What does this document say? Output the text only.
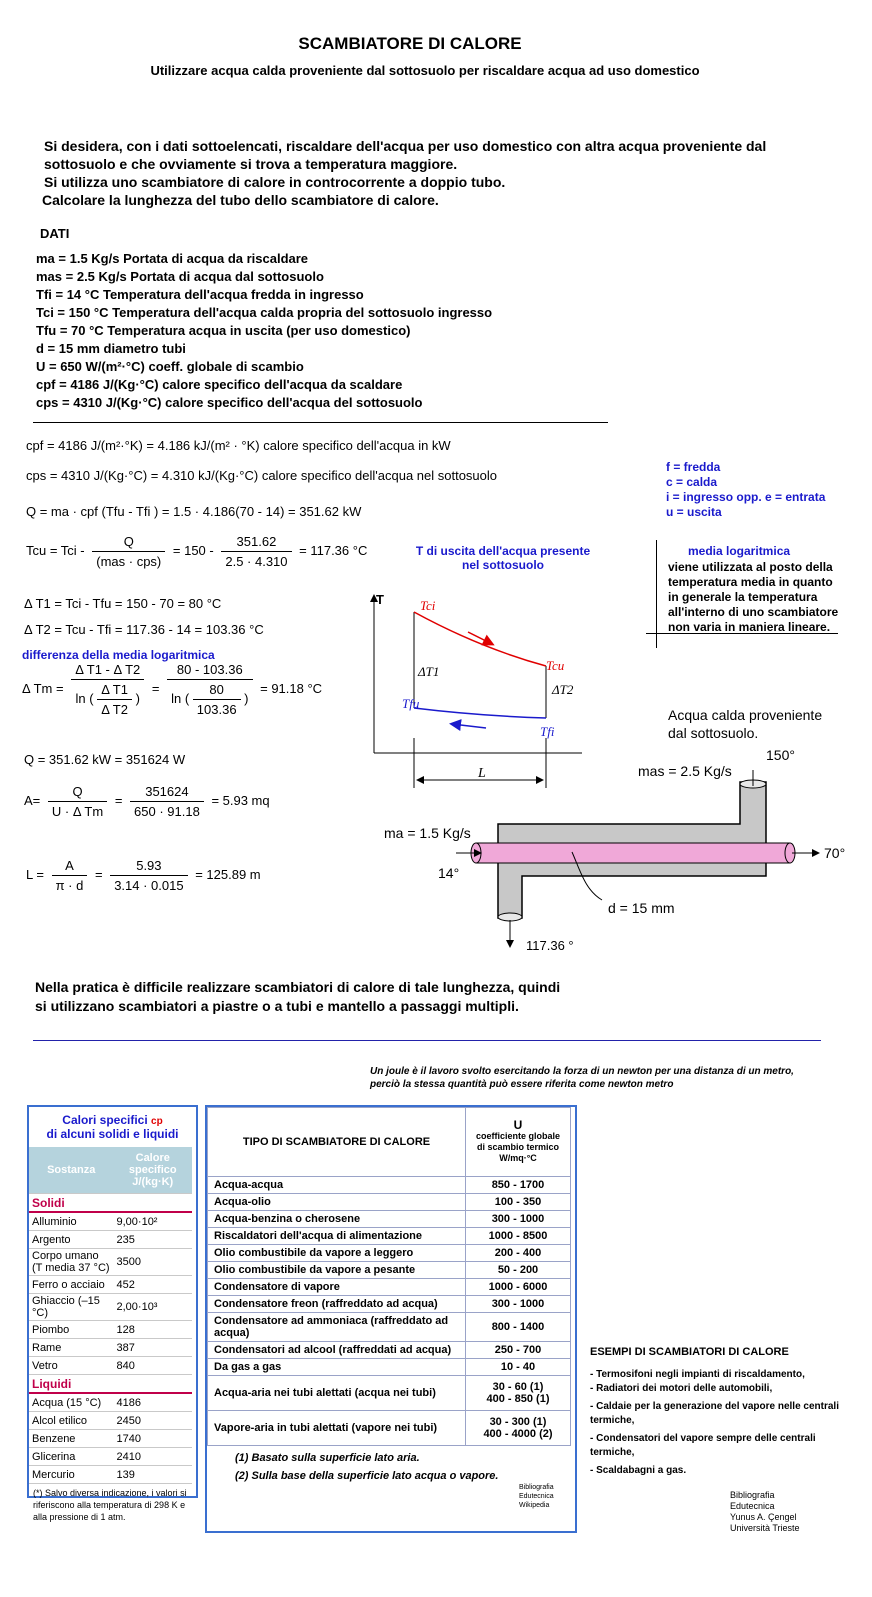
SCAMBIATORE DI CALORE
Utilizzare acqua calda proveniente dal sottosuolo per riscaldare acqua ad uso domestico
Si desidera, con i dati sottoelencati, riscaldare dell'acqua per uso domestico con altra acqua proveniente dal
sottosuolo e che ovviamente si trova a temperatura maggiore.
Si utilizza uno scambiatore di calore in controcorrente a doppio tubo.
Calcolare la lunghezza del tubo dello scambiatore di calore.
DATI
ma = 1.5 Kg/s Portata di acqua da riscaldare
mas = 2.5 Kg/s Portata di acqua dal sottosuolo
Tfi = 14 °C Temperatura dell'acqua fredda in ingresso
Tci = 150 °C Temperatura dell'acqua calda propria del sottosuolo ingresso
Tfu = 70 °C Temperatura acqua in uscita (per uso domestico)
d = 15 mm diametro tubi
U = 650 W/(m²·°C) coeff. globale di scambio
cpf = 4186 J/(Kg·°C) calore specifico dell'acqua da scaldare
cps = 4310 J/(Kg·°C) calore specifico dell'acqua del sottosuolo
cpf = 4186 J/(m²·°K) = 4.186 kJ/(m² · °K) calore specifico dell'acqua in kW
cps = 4310 J/(Kg·°C) = 4.310 kJ/(Kg·°C) calore specifico dell'acqua nel sottosuolo
Q = ma · cpf (Tfu - Tfi ) = 1.5 · 4.186(70 - 14) = 351.62 kW
Tcu = Tci - $\frac{Q}{\text{(mas · cps)}} = 150 - \frac{351.62}{2.5 \cdot 4.310} = 117.36$ °C	T di uscita dell'acqua presente nel sottosuolo
Δ T1 = Tci - Tfu = 150 - 70 = 80 °C
Δ T2 = Tcu - Tfi = 117.36 - 14 = 103.36 °C
differenza della media logaritmica
Δ $Tm = \frac{\text{Δ T1 - Δ T2}}{\ln ( \frac{\text{Δ T1}}{\text{Δ T2}} )} = \frac{80 - 103.36}{\ln ( \frac{80}{103.36} )} = 91.18$ °C
Q = 351.62 kW = 351624 W
$A= \frac{Q}{\text{U · Δ Tm}} = \frac{351624}{650 \cdot 91.18} = 5.93$ mq
$L = \frac{A}{\pi \cdot d} = \frac{5.93}{3.14 \cdot 0.015} = 125.89$ m
f = fredda
c = calda
i = ingresso opp. e = entrata
u = uscita
media logaritmica
viene utilizzata al posto della
temperatura media in quanto
in generale la temperatura
all'interno di uno scambiatore
non varia in maniera lineare.
T	Tci
Tcu
Tfu
Tfi
ΔT1
ΔT2
L
Acqua calda proveniente
dal sottosuolo.
mas = 2.5 Kg/s
150°
ma = 1.5 Kg/s
70°
14°
d = 15 mm
117.36 °
Nella pratica è difficile realizzare scambiatori di calore di tale lunghezza, quindi
si utilizzano scambiatori a piastre o a tubi e mantello a passaggi multipli.
Un joule è il lavoro svolto esercitando la forza di un newton per una distanza di un metro,
perciò la stessa quantità può essere riferita come newton metro
Calori specifici cp
di alcuni solidi e liquidi
Sostanza	Calore specifico J/(kg·K)
Solidi	
Alluminio	9,00·10²
Argento	235
Corpo umano (T media 37 °C)	3500
Ferro o acciaio	452
Ghiaccio (–15 °C)	2,00·10³
Piombo	128
Rame	387
Vetro	840
Liquidi	
Acqua (15 °C)	4186
Alcol etilico	2450
Benzene	1740
Glicerina	2410
Mercurio	139
(*) Salvo diversa indicazione, i valori si riferiscono alla temperatura di 298 K e alla pressione di 1 atm.
TIPO DI SCAMBIATORE DI CALORE	U
coefficiente globale di scambio termico W/mq·°C

Acqua-acqua	850 - 1700
Acqua-olio	100 - 350
Acqua-benzina o cherosene	300 - 1000
Riscaldatori dell'acqua di alimentazione	1000 - 8500
Olio combustibile da vapore a leggero	200 - 400
Olio combustibile da vapore a pesante	50 - 200
Condensatore di vapore	1000 - 6000
Condensatore freon (raffreddato ad acqua)	300 - 1000
Condensatore ad ammoniaca (raffreddato ad acqua)	800 - 1400
Condensatori ad alcool (raffreddati ad acqua)	250 - 700
Da gas a gas	10 - 40
Acqua-aria nei tubi alettati (acqua nei tubi)	30 - 60 (1)
400 - 850 (1)
Vapore-aria in tubi alettati (vapore nei tubi)	30 - 300 (1)
400 - 4000 (2)
(1) Basato sulla superficie lato aria.
(2) Sulla base della superficie lato acqua o vapore.
Bibliografia Edutecnica Wikipedia
ESEMPI DI SCAMBIATORI DI CALORE
- Termosifoni negli impianti di riscaldamento,
- Radiatori dei motori delle automobili,
- Caldaie per la generazione del vapore nelle centrali termiche,
- Condensatori del vapore sempre delle centrali termiche,
- Scaldabagni a gas.
Bibliografia
Edutecnica
Yunus A. Çengel
Università Trieste
